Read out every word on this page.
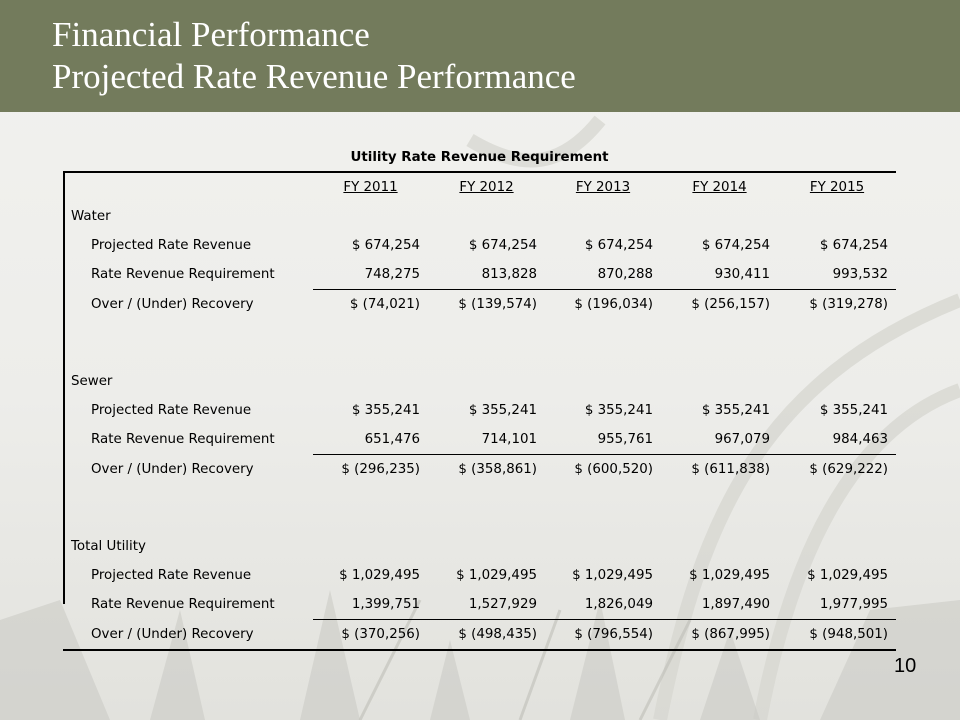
Financial Performance
Projected Rate Revenue Performance
Utility Rate Revenue Requirement					
	FY 2011	FY 2012	FY 2013	FY 2014	FY 2015
Water					
Projected Rate Revenue	$ 674,254	$ 674,254	$ 674,254	$ 674,254	$ 674,254
Rate Revenue Requirement	748,275	813,828	870,288	930,411	993,532
Over / (Under) Recovery	$ (74,021)	$ (139,574)	$ (196,034)	$ (256,157)	$ (319,278)

Sewer					
Projected Rate Revenue	$ 355,241	$ 355,241	$ 355,241	$ 355,241	$ 355,241
Rate Revenue Requirement	651,476	714,101	955,761	967,079	984,463
Over / (Under) Recovery	$ (296,235)	$ (358,861)	$ (600,520)	$ (611,838)	$ (629,222)

Total Utility					
Projected Rate Revenue	$ 1,029,495	$ 1,029,495	$ 1,029,495	$ 1,029,495	$ 1,029,495
Rate Revenue Requirement	1,399,751	1,527,929	1,826,049	1,897,490	1,977,995
Over / (Under) Recovery	$ (370,256)	$ (498,435)	$ (796,554)	$ (867,995)	$ (948,501)
10
